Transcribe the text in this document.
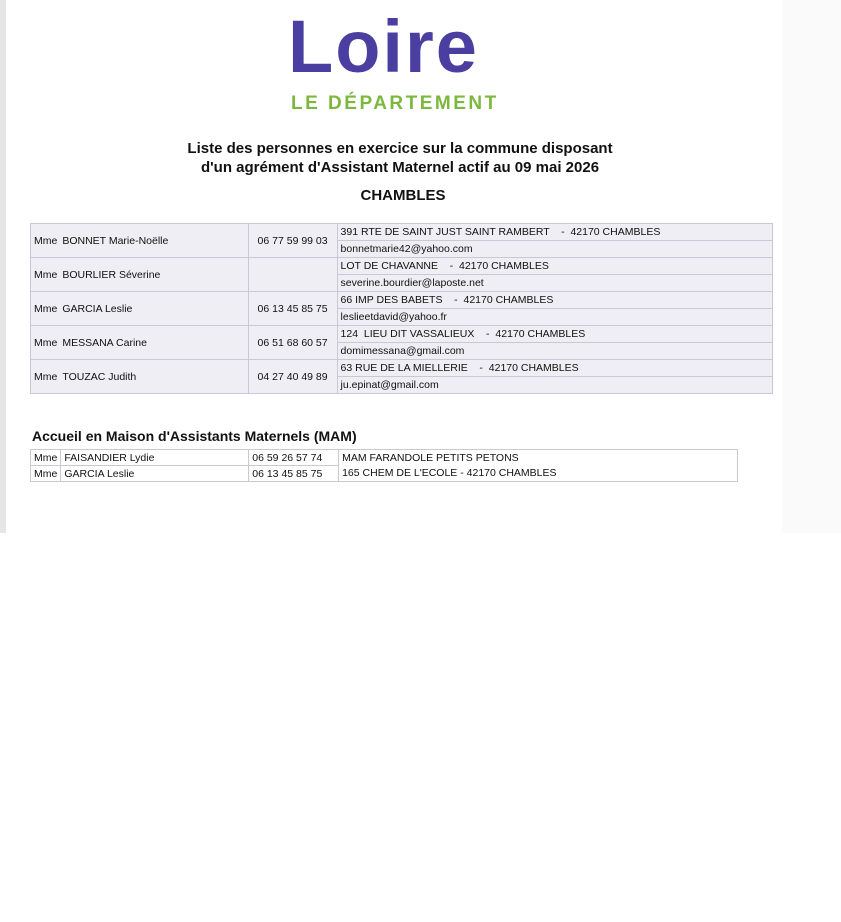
Loire
LE DÉPARTEMENT
Liste des personnes en exercice sur la commune disposant
d'un agrément d'Assistant Maternel actif au 09 mai 2026
CHAMBLES
Mme BONNET Marie-Noëlle	06 77 59 99 03	391 RTE DE SAINT JUST SAINT RAMBERT    -  42170 CHAMBLES
		bonnetmarie42@yahoo.com
Mme BOURLIER Séverine		LOT DE CHAVANNE    -  42170 CHAMBLES
		severine.bourdier@laposte.net
Mme GARCIA Leslie	06 13 45 85 75	66 IMP DES BABETS    -  42170 CHAMBLES
		leslieetdavid@yahoo.fr
Mme MESSANA Carine	06 51 68 60 57	124  LIEU DIT VASSALIEUX    -  42170 CHAMBLES
		domimessana@gmail.com
Mme TOUZAC Judith	04 27 40 49 89	63 RUE DE LA MIELLERIE    -  42170 CHAMBLES
		ju.epinat@gmail.com
Accueil en Maison d'Assistants Maternels (MAM)
Mme	FAISANDIER Lydie	06 59 26 57 74	MAM FARANDOLE PETITS PETONS
Mme	GARCIA Leslie	06 13 45 85 75	165 CHEM DE L'ECOLE - 42170 CHAMBLES
